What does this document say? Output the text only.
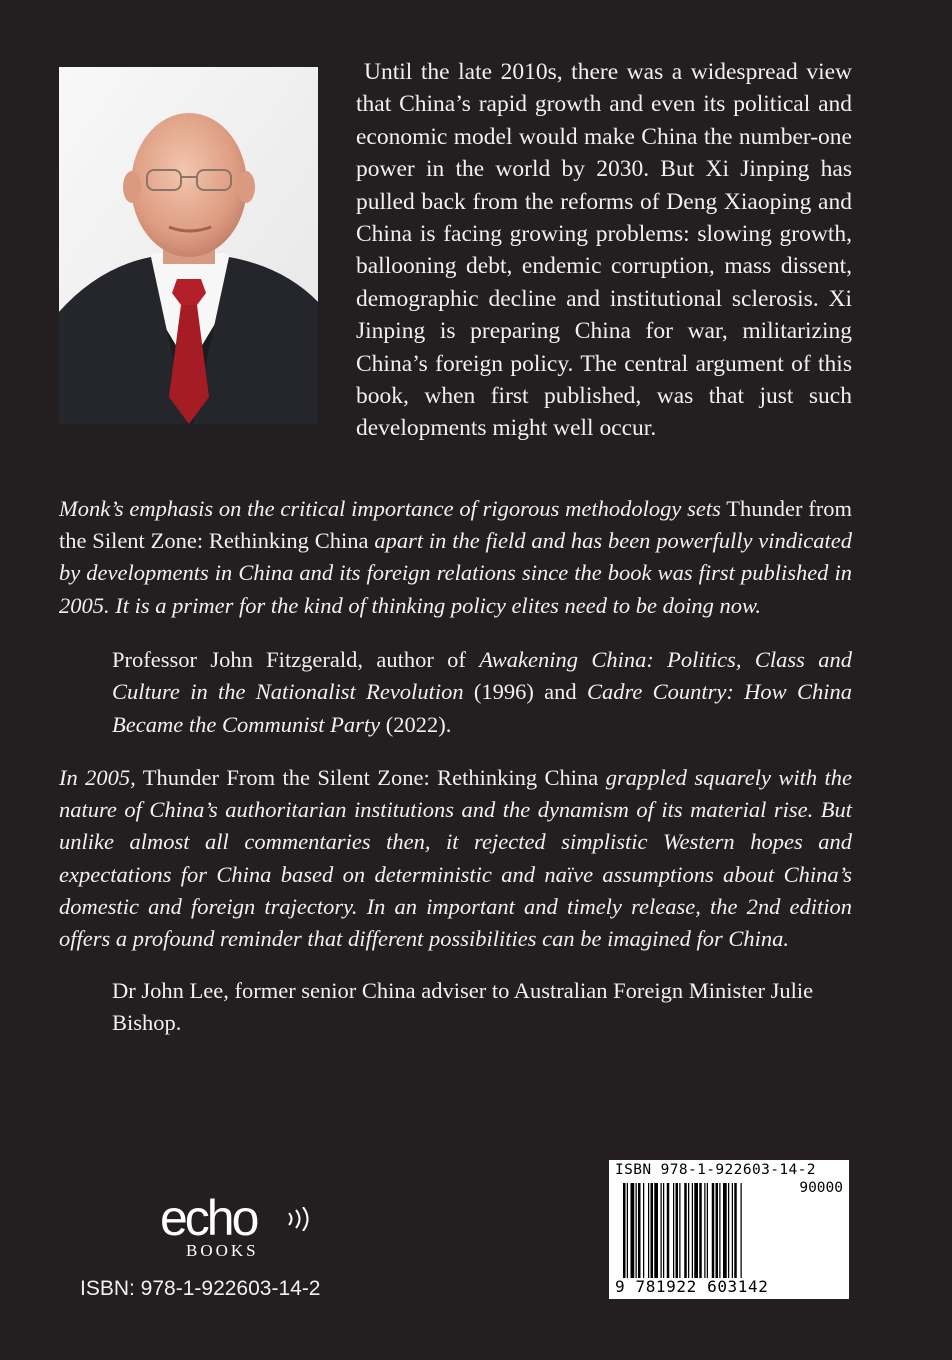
Until the late 2010s, there was a widespread view that China’s rapid growth and even its political and economic model would make China the number-one power in the world by 2030. But Xi Jinping has pulled back from the reforms of Deng Xiaoping and China is facing growing problems: slowing growth, ballooning debt, endemic corruption, mass dissent, demographic decline and institutional sclerosis. Xi Jinping is preparing China for war, militarizing China’s foreign policy. The central argument of this book, when first published, was that just such developments might well occur.

Monk’s emphasis on the critical importance of rigorous methodology sets Thunder from the Silent Zone: Rethinking China apart in the field and has been powerfully vindicated by developments in China and its foreign relations since the book was first published in 2005. It is a primer for the kind of thinking policy elites need to be doing now.

Professor John Fitzgerald, author of Awakening China: Politics, Class and Culture in the Nationalist Revolution (1996) and Cadre Country: How China Became the Communist Party (2022).

In 2005, Thunder From the Silent Zone: Rethinking China grappled squarely with the nature of China’s authoritarian institutions and the dynamism of its material rise. But unlike almost all commentaries then, it rejected simplistic Western hopes and expectations for China based on deterministic and naïve assumptions about China’s domestic and foreign trajectory. In an important and timely release, the 2nd edition offers a profound reminder that different possibilities can be imagined for China.

Dr John Lee, former senior China adviser to Australian Foreign Minister Julie Bishop.

echo
BOOKS
ISBN: 978-1-922603-14-2
ISBN 978-1-922603-14-2
90000
9 781922 603142
